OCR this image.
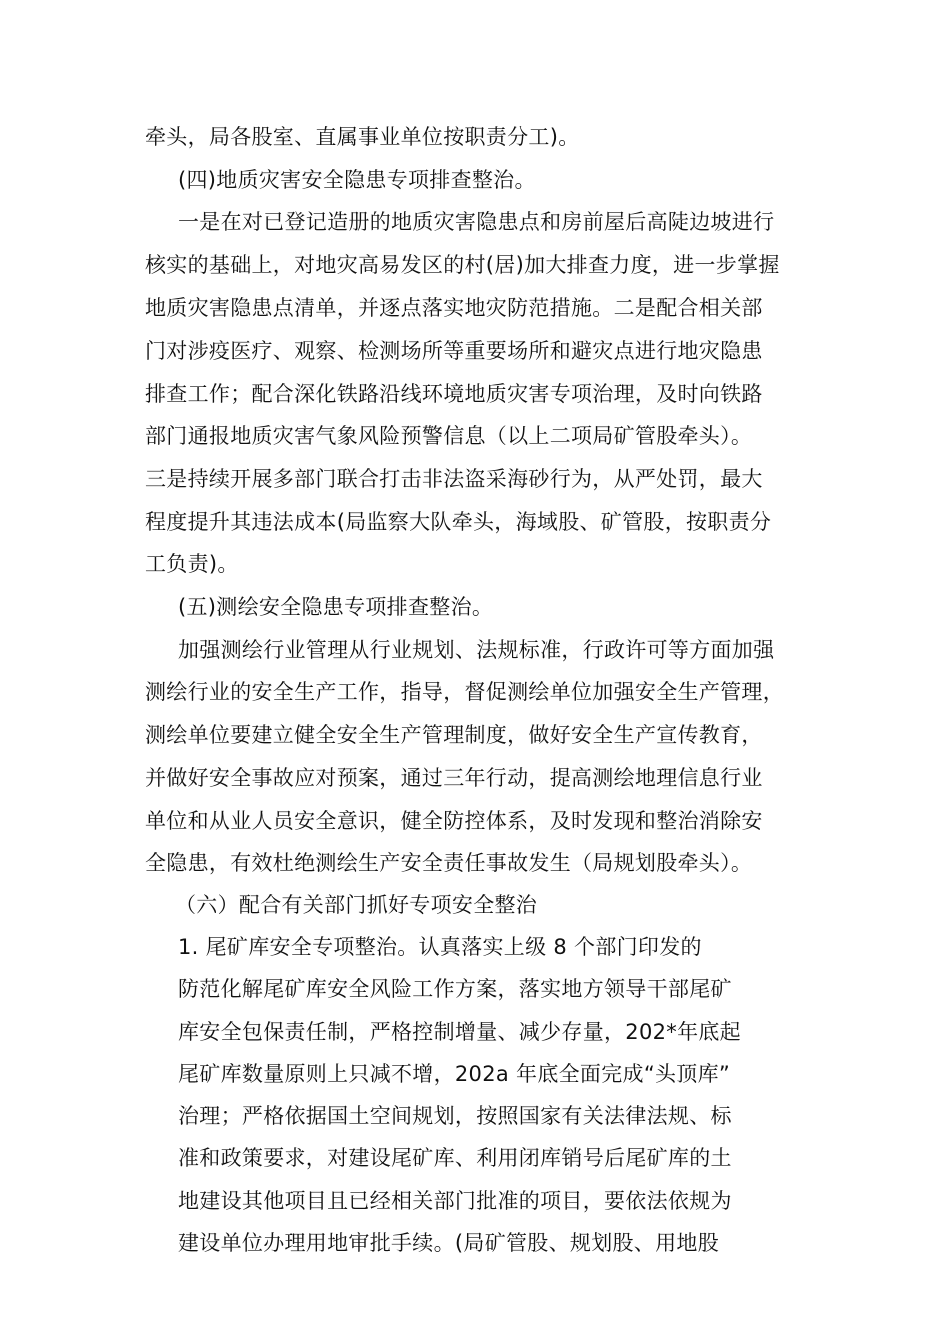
牵头，局各股室、直属事业单位按职责分工)。
(四)地质灾害安全隐患专项排查整治。
一是在对已登记造册的地质灾害隐患点和房前屋后高陡边坡进行
核实的基础上，对地灾高易发区的村(居)加大排查力度，进一步掌握
地质灾害隐患点清单，并逐点落实地灾防范措施。二是配合相关部
门对涉疫医疗、观察、检测场所等重要场所和避灾点进行地灾隐患
排查工作；配合深化铁路沿线环境地质灾害专项治理，及时向铁路
部门通报地质灾害气象风险预警信息（以上二项局矿管股牵头）。
三是持续开展多部门联合打击非法盗采海砂行为，从严处罚，最大
程度提升其违法成本(局监察大队牵头，海域股、矿管股，按职责分
工负责)。
(五)测绘安全隐患专项排查整治。
加强测绘行业管理从行业规划、法规标准，行政许可等方面加强
测绘行业的安全生产工作，指导，督促测绘单位加强安全生产管理，
测绘单位要建立健全安全生产管理制度，做好安全生产宣传教育，
并做好安全事故应对预案，通过三年行动，提高测绘地理信息行业
单位和从业人员安全意识，健全防控体系，及时发现和整治消除安
全隐患，有效杜绝测绘生产安全责任事故发生（局规划股牵头）。
（六）配合有关部门抓好专项安全整治
1. 尾矿库安全专项整治。认真落实上级 8 个部门印发的
防范化解尾矿库安全风险工作方案，落实地方领导干部尾矿
库安全包保责任制，严格控制增量、减少存量，202*年底起
尾矿库数量原则上只减不增，202a 年底全面完成“头顶库”
治理；严格依据国土空间规划，按照国家有关法律法规、标
准和政策要求，对建设尾矿库、利用闭库销号后尾矿库的土
地建设其他项目且已经相关部门批准的项目，要依法依规为
建设单位办理用地审批手续。(局矿管股、规划股、用地股
